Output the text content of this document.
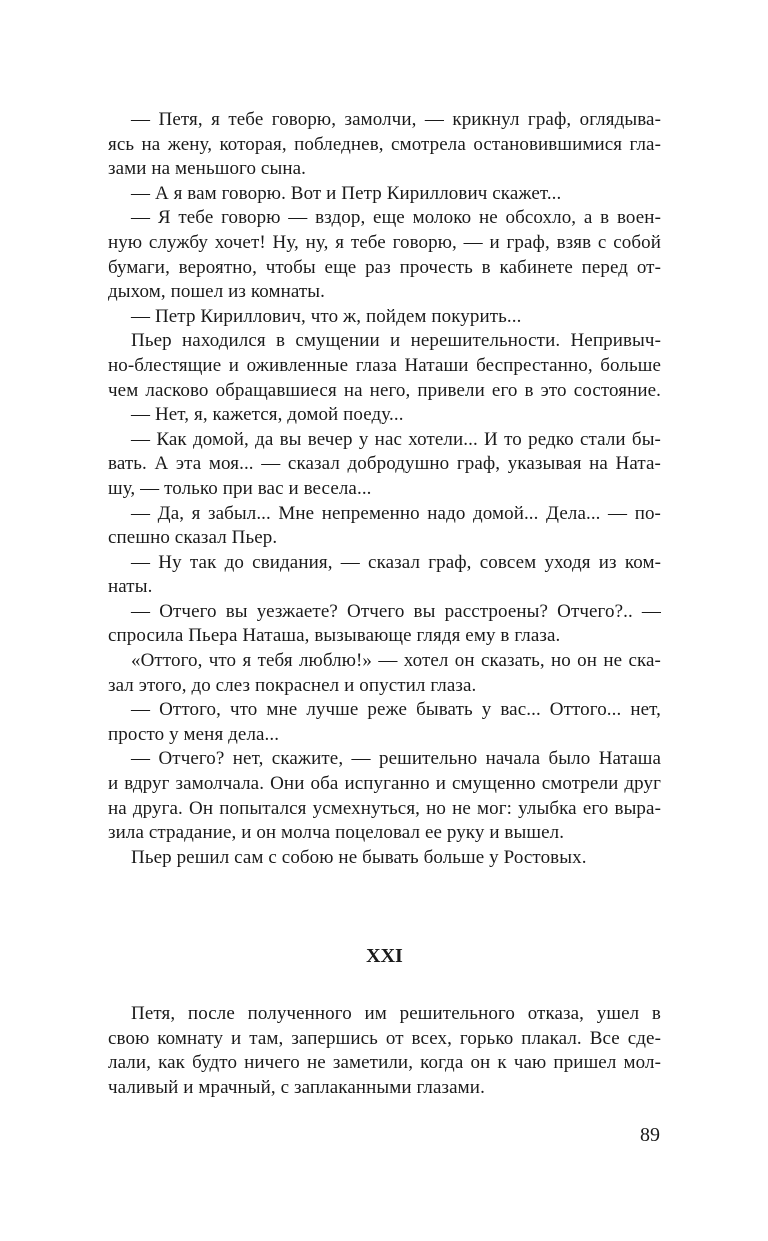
— Петя, я тебе говорю, замолчи, — крикнул граф, оглядыва-
ясь на жену, которая, побледнев, смотрела остановившимися гла-
зами на меньшого сына.
— А я вам говорю. Вот и Петр Кириллович скажет...
— Я тебе говорю — вздор, еще молоко не обсохло, а в воен-
ную службу хочет! Ну, ну, я тебе говорю, — и граф, взяв с собой
бумаги, вероятно, чтобы еще раз прочесть в кабинете перед от-
дыхом, пошел из комнаты.
— Петр Кириллович, что ж, пойдем покурить...
Пьер находился в смущении и нерешительности. Непривыч-
но-блестящие и оживленные глаза Наташи беспрестанно, больше
чем ласково обращавшиеся на него, привели его в это состояние.
— Нет, я, кажется, домой поеду...
— Как домой, да вы вечер у нас хотели... И то редко стали бы-
вать. А эта моя... — сказал добродушно граф, указывая на Ната-
шу, — только при вас и весела...
— Да, я забыл... Мне непременно надо домой... Дела... — по-
спешно сказал Пьер.
— Ну так до свидания, — сказал граф, совсем уходя из ком-
наты.
— Отчего вы уезжаете? Отчего вы расстроены? Отчего?.. —
спросила Пьера Наташа, вызывающе глядя ему в глаза.
«Оттого, что я тебя люблю!» — хотел он сказать, но он не ска-
зал этого, до слез покраснел и опустил глаза.
— Оттого, что мне лучше реже бывать у вас... Оттого... нет,
просто у меня дела...
— Отчего? нет, скажите, — решительно начала было Наташа
и вдруг замолчала. Они оба испуганно и смущенно смотрели друг
на друга. Он попытался усмехнуться, но не мог: улыбка его выра-
зила страдание, и он молча поцеловал ее руку и вышел.
Пьер решил сам с собою не бывать больше у Ростовых.
XXI
Петя, после полученного им решительного отказа, ушел в
свою комнату и там, запершись от всех, горько плакал. Все сде-
лали, как будто ничего не заметили, когда он к чаю пришел мол-
чаливый и мрачный, с заплаканными глазами.
89
